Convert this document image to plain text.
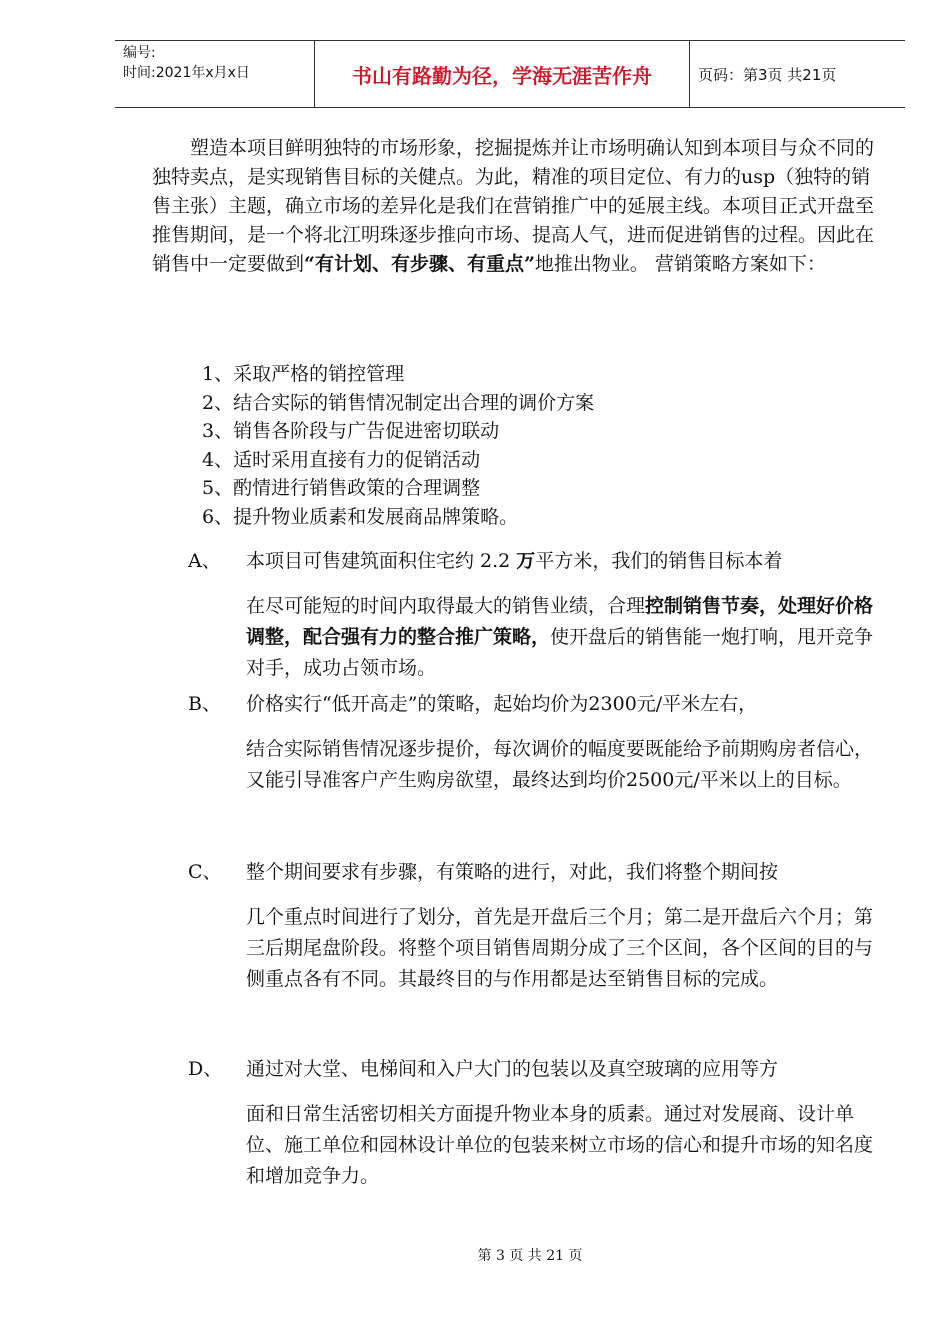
编号:
时间:2021年x月x日	书山有路勤为径，学海无涯苦作舟	页码：第3页 共21页

塑造本项目鲜明独特的市场形象，挖掘提炼并让市场明确认知到本项目与众不同的独特卖点，是实现销售目标的关健点。为此，精准的项目定位、有力的usp（独特的销售主张）主题，确立市场的差异化是我们在营销推广中的延展主线。本项目正式开盘至推售期间，是一个将北江明珠逐步推向市场、提高人气，进而促进销售的过程。因此在销售中一定要做到“有计划、有步骤、有重点”地推出物业。 营销策略方案如下：

1、采取严格的销控管理
2、结合实际的销售情况制定出合理的调价方案
3、销售各阶段与广告促进密切联动
4、适时采用直接有力的促销活动
5、酌情进行销售政策的合理调整
6、提升物业质素和发展商品牌策略。
A、 本项目可售建筑面积住宅约 2.2 万平方米，我们的销售目标本着

在尽可能短的时间内取得最大的销售业绩，合理控制销售节奏，处理好价格调整，配合强有力的整合推广策略，使开盘后的销售能一炮打响，甩开竞争对手，成功占领市场。

B、 价格实行“低开高走”的策略，起始均价为2300元/平米左右，

结合实际销售情况逐步提价，每次调价的幅度要既能给予前期购房者信心，又能引导准客户产生购房欲望，最终达到均价2500元/平米以上的目标。

C、 整个期间要求有步骤，有策略的进行，对此，我们将整个期间按

几个重点时间进行了划分，首先是开盘后三个月；第二是开盘后六个月；第三后期尾盘阶段。将整个项目销售周期分成了三个区间，各个区间的目的与侧重点各有不同。其最终目的与作用都是达至销售目标的完成。

D、 通过对大堂、电梯间和入户大门的包装以及真空玻璃的应用等方

面和日常生活密切相关方面提升物业本身的质素。通过对发展商、设计单位、施工单位和园林设计单位的包装来树立市场的信心和提升市场的知名度和增加竞争力。

第 3 页 共 21 页
